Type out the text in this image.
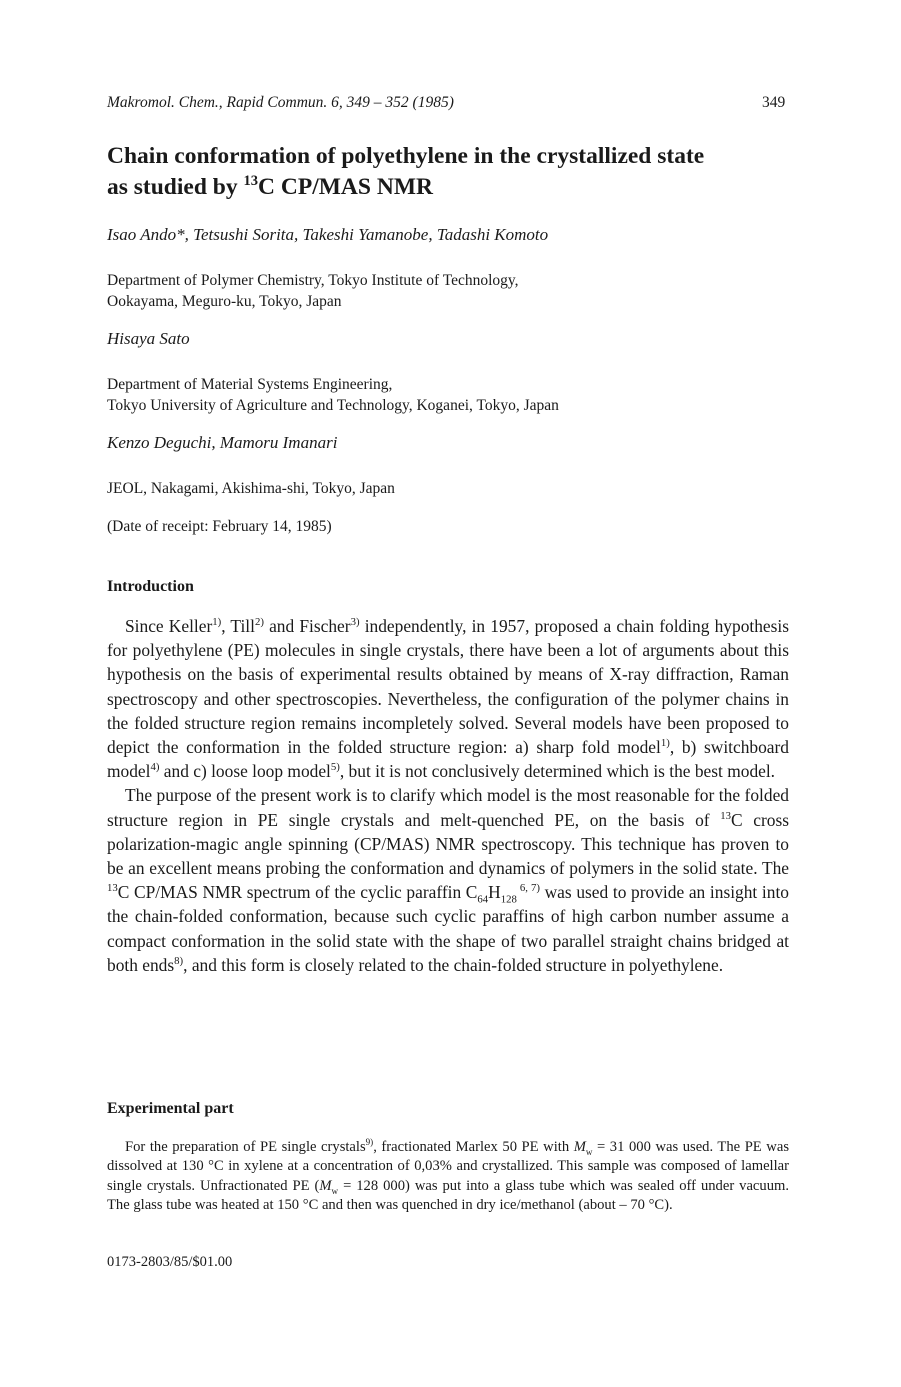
Makromol. Chem., Rapid Commun. 6, 349 – 352 (1985)	349
Chain conformation of polyethylene in the crystallized state
as studied by $^{13}$C CP/MAS NMR
Isao Ando*, Tetsushi Sorita, Takeshi Yamanobe, Tadashi Komoto
Department of Polymer Chemistry, Tokyo Institute of Technology,
Ookayama, Meguro-ku, Tokyo, Japan
Hisaya Sato
Department of Material Systems Engineering,
Tokyo University of Agriculture and Technology, Koganei, Tokyo, Japan
Kenzo Deguchi, Mamoru Imanari
JEOL, Nakagami, Akishima-shi, Tokyo, Japan
(Date of receipt: February 14, 1985)
Introduction

Since Keller$^{1)}$, Till$^{2)}$ and Fischer$^{3)}$ independently, in 1957, proposed a chain folding hypothesis for polyethylene (PE) molecules in single crystals, there have been a lot of arguments about this hypothesis on the basis of experimental results obtained by means of X-ray diffraction, Raman spectroscopy and other spectroscopies. Nevertheless, the configuration of the polymer chains in the folded structure region remains incompletely solved. Several models have been proposed to depict the conformation in the folded structure region: a) sharp fold model$^{1)}$, b) switchboard model$^{4)}$ and c) loose loop model$^{5)}$, but it is not conclusively determined which is the best model.

The purpose of the present work is to clarify which model is the most reasonable for the folded structure region in PE single crystals and melt-quenched PE, on the basis of $^{13}$C cross polarization-magic angle spinning (CP/MAS) NMR spectroscopy. This technique has proven to be an excellent means probing the conformation and dynamics of polymers in the solid state. The $^{13}$C CP/MAS NMR spectrum of the cyclic paraffin $C_{64}H_{128}$ $^{6, 7)}$ was used to provide an insight into the chain-folded conformation, because such cyclic paraffins of high carbon number assume a compact conformation in the solid state with the shape of two parallel straight chains bridged at both ends$^{8)}$, and this form is closely related to the chain-folded structure in polyethylene.

Experimental part

For the preparation of PE single crystals$^{9)}$, fractionated Marlex 50 PE with $M_w = 31$ 000 was used. The PE was dissolved at 130 °C in xylene at a concentration of 0,03% and crystallized. This sample was composed of lamellar single crystals. Unfractionated PE ($M_w = 128$ 000) was put into a glass tube which was sealed off under vacuum. The glass tube was heated at 150 °C and then was quenched in dry ice/methanol (about – 70 °C).

0173-2803/85/$01.00
